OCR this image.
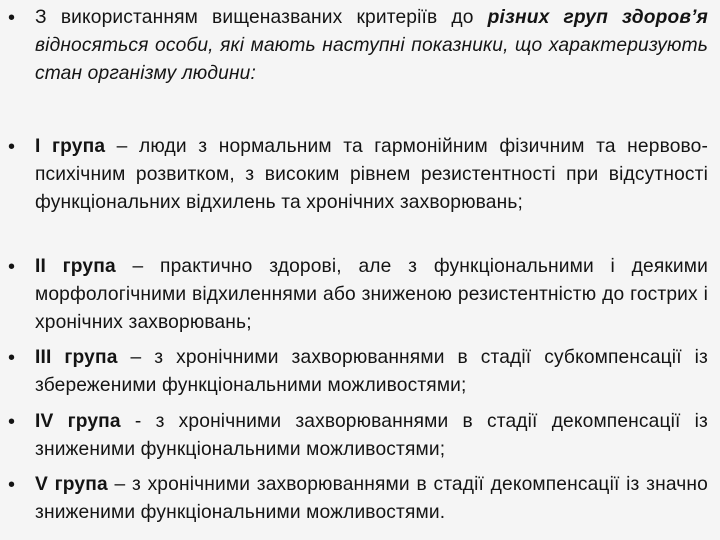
•	З використанням вищеназваних критеріїв до різних груп здоров’я відносяться особи, які мають наступні показники, що характеризують стан організму людини:
•	I група – люди з нормальним та гармонійним фізичним та нервово-психічним розвитком, з високим рівнем резистентності при відсутності функціональних відхилень та хронічних захворювань;
•	II група – практично здорові, але з функціональними і деякими морфологічними відхиленнями або зниженою резистентністю до гострих і хронічних захворювань;
•	III група – з хронічними захворюваннями в стадії субкомпенсації із збереженими функціональними можливостями;
•	IV група - з хронічними захворюваннями в стадії декомпенсації із зниженими функціональними можливостями;
•	V група – з хронічними захворюваннями в стадії декомпенсації із значно зниженими функціональними можливостями.
